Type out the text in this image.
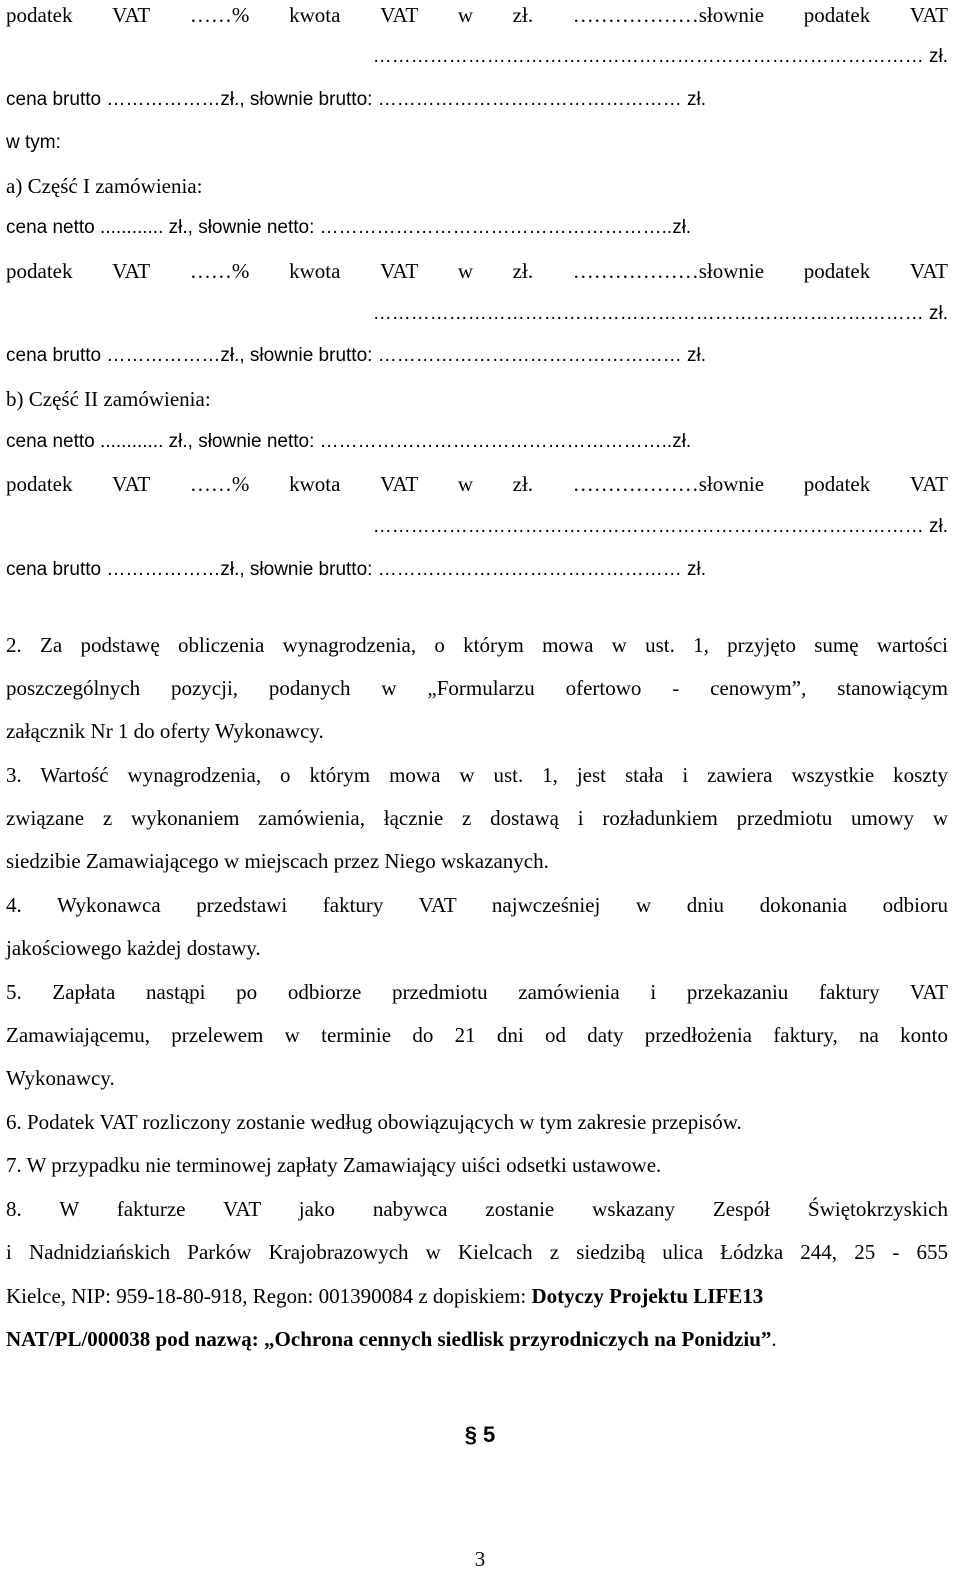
podatek VAT ……% kwota VAT w zł. ………………słownie podatek VAT
…………………………………………………………………………… zł.
cena brutto ………………zł., słownie brutto: ………………………………………… zł.
w tym:
a) Część I zamówienia:
cena netto ............ zł., słownie netto: ………………………………………………..zł.
podatek VAT ……% kwota VAT w zł. ………………słownie podatek VAT
…………………………………………………………………………… zł.
cena brutto ………………zł., słownie brutto: ………………………………………… zł.
b) Część II zamówienia:
cena netto ............ zł., słownie netto: ………………………………………………..zł.
podatek VAT ……% kwota VAT w zł. ………………słownie podatek VAT
…………………………………………………………………………… zł.
cena brutto ………………zł., słownie brutto: ………………………………………… zł.
2. Za podstawę obliczenia wynagrodzenia, o którym mowa w ust. 1, przyjęto sumę wartości
poszczególnych pozycji, podanych w „Formularzu ofertowo - cenowym”, stanowiącym
załącznik Nr 1 do oferty Wykonawcy.
3. Wartość wynagrodzenia, o którym mowa w ust. 1, jest stała i zawiera wszystkie koszty
związane z wykonaniem zamówienia, łącznie z dostawą i rozładunkiem przedmiotu umowy w
siedzibie Zamawiającego w miejscach przez Niego wskazanych.
4. Wykonawca przedstawi faktury VAT najwcześniej w dniu dokonania odbioru
jakościowego każdej dostawy.
5. Zapłata nastąpi po odbiorze przedmiotu zamówienia i przekazaniu faktury VAT
Zamawiającemu, przelewem w terminie do 21 dni od daty przedłożenia faktury, na konto
Wykonawcy.
6. Podatek VAT rozliczony zostanie według obowiązujących w tym zakresie przepisów.
7. W przypadku nie terminowej zapłaty Zamawiający uiści odsetki ustawowe.
8. W fakturze VAT jako nabywca zostanie wskazany Zespół Świętokrzyskich
i Nadnidziańskich Parków Krajobrazowych w Kielcach z siedzibą ulica Łódzka 244, 25 - 655
Kielce, NIP: 959-18-80-918, Regon: 001390084 z dopiskiem: Dotyczy Projektu LIFE13
NAT/PL/000038 pod nazwą: „Ochrona cennych siedlisk przyrodniczych na Ponidziu”.
§ 5
3
